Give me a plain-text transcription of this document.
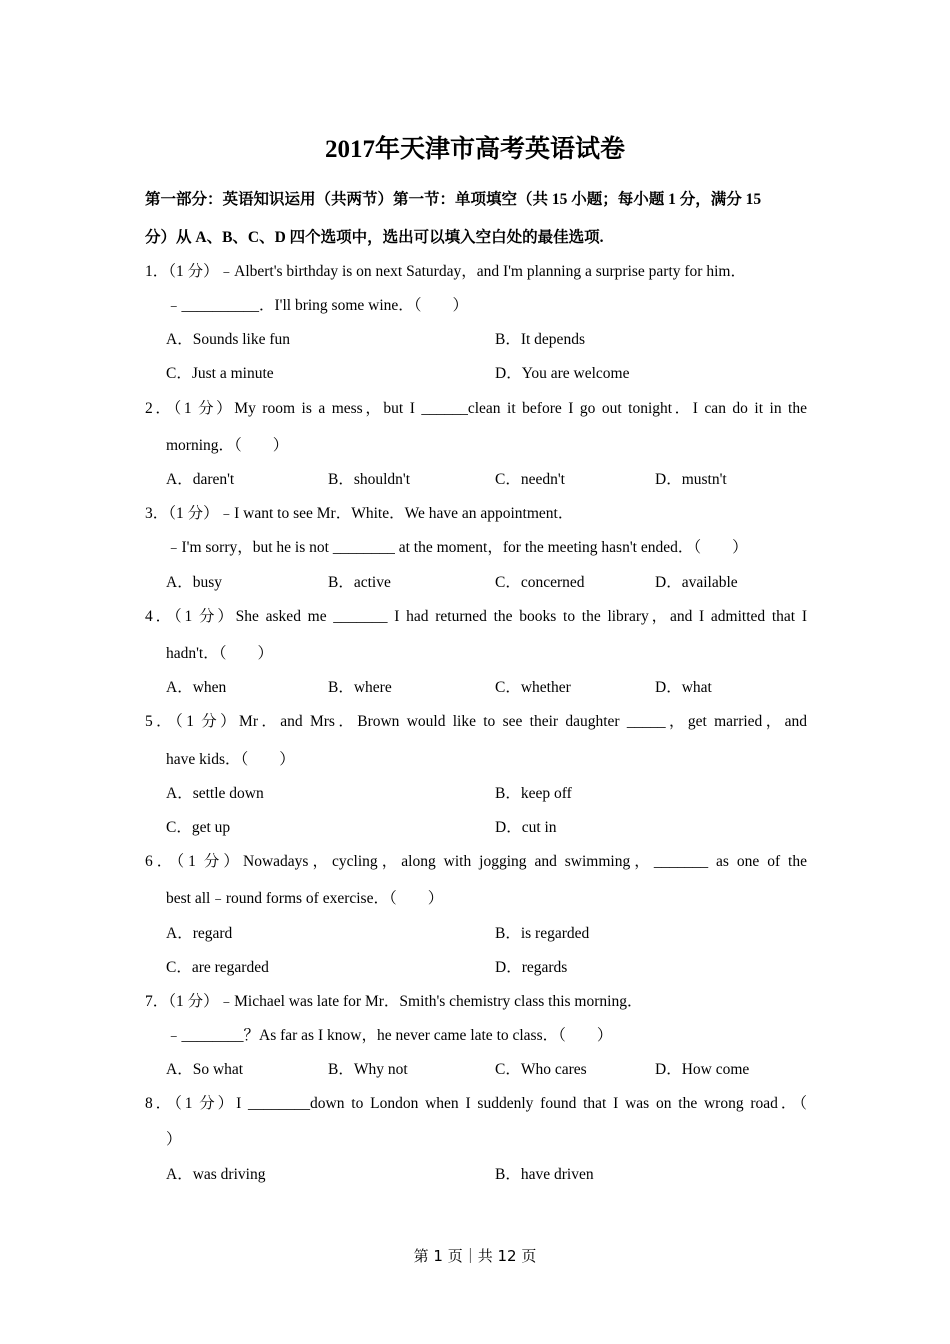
2017年天津市高考英语试卷
第一部分：英语知识运用（共两节）第一节：单项填空（共 15 小题；每小题 1 分，满分 15
分）从 A、B、C、D 四个选项中，选出可以填入空白处的最佳选项.
1．（1 分）﹣Albert's birthday is on next Saturday，and I'm planning a surprise party for him．
﹣__________．I'll bring some wine．（　　）
A．Sounds like fun	B．It depends
C．Just a minute	D．You are welcome
2．（1 分）My room is a mess，but I ______clean it before I go out tonight．I can do it in the
morning．（　　）
A．daren't	B．shouldn't	C．needn't	D．mustn't
3．（1 分）﹣I want to see Mr．White．We have an appointment．
﹣I'm sorry，but he is not ________ at the moment，for the meeting hasn't ended．（　　）
A．busy	B．active	C．concerned	D．available
4．（1 分）She asked me _______ I had returned the books to the library，and I admitted that I
hadn't．（　　）
A．when	B．where	C．whether	D．what
5．（1 分）Mr．and Mrs．Brown would like to see their daughter _____，get married，and
have kids．（　　）
A．settle down	B．keep off
C．get up	D．cut in
6．（1 分）Nowadays，cycling，along with jogging and swimming，_______ as one of the
best all﹣round forms of exercise．（　　）
A．regard	B．is regarded
C．are regarded	D．regards
7．（1 分）﹣Michael was late for Mr．Smith's chemistry class this morning．
﹣________？As far as I know，he never came late to class．（　　）
A．So what	B．Why not	C．Who cares	D．How come
8．（1 分）I ________down to London when I suddenly found that I was on the wrong road．（
）
A．was driving	B．have driven
第 1 页｜共 12 页
